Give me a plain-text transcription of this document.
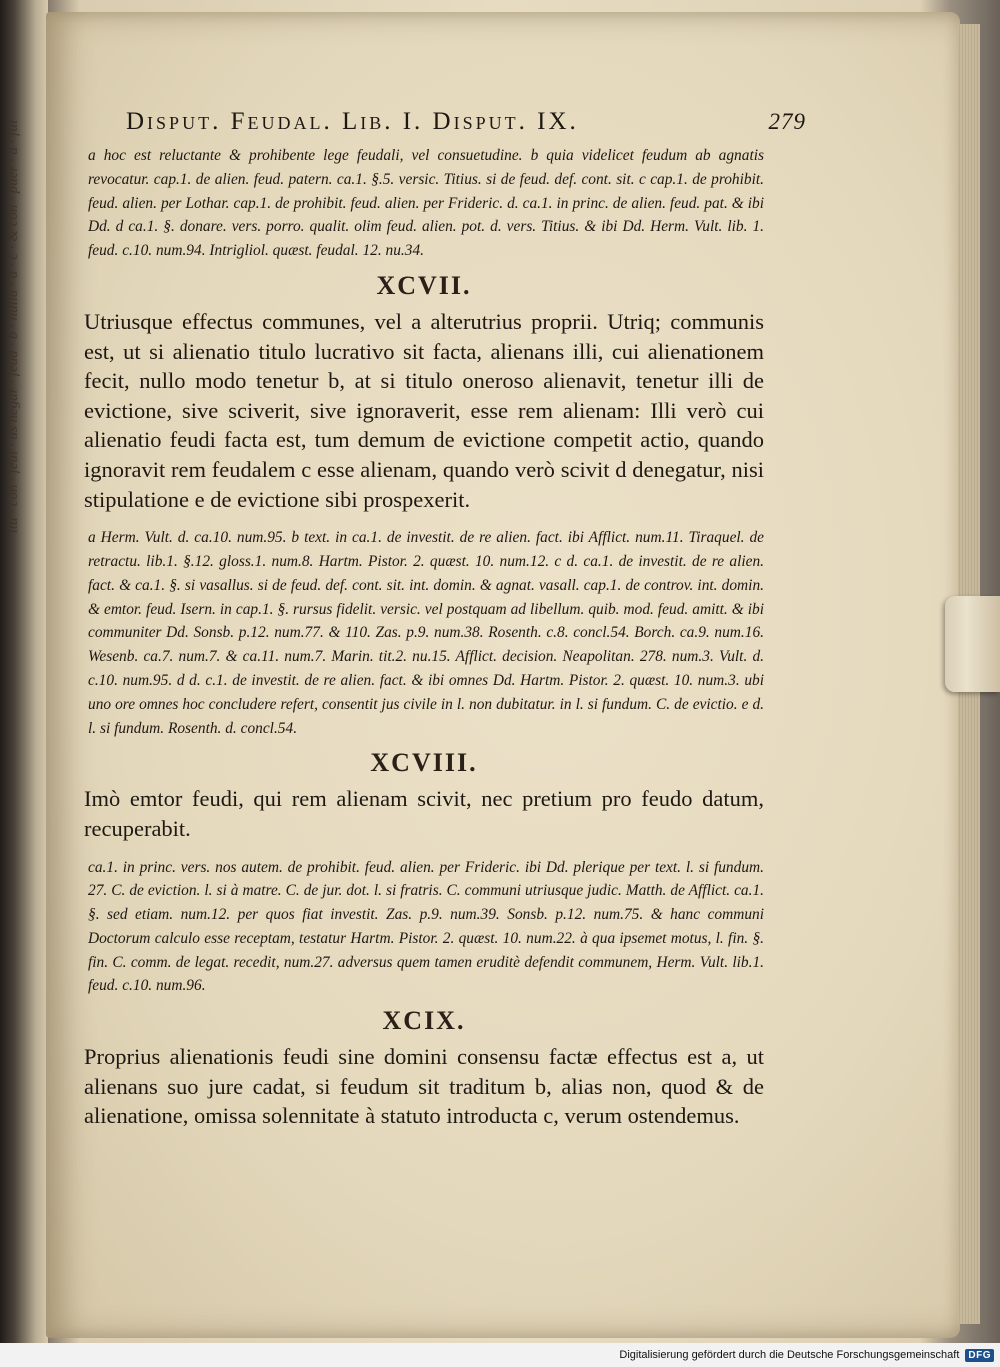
itu · con · feui · us negar · feud · b · nulla · d · c · & con · puer · d · fui	Disput. Feudal. Lib. I. Disput. IX.	279

a hoc est reluctante & prohibente lege feudali, vel consuetudine. b quia videlicet feudum ab agnatis revocatur. cap.1. de alien. feud. patern. ca.1. §.5. versic. Titius. si de feud. def. cont. sit. c cap.1. de prohibit. feud. alien. per Lothar. cap.1. de prohibit. feud. alien. per Frideric. d. ca.1. in princ. de alien. feud. pat. & ibi Dd. d ca.1. §. donare. vers. porro. qualit. olim feud. alien. pot. d. vers. Titius. & ibi Dd. Herm. Vult. lib. 1. feud. c.10. num.94. Intrigliol. quæst. feudal. 12. nu.34.

XCVII.

Utriusque effectus communes, vel a alterutrius proprii. Utriq; communis est, ut si alienatio titulo lucrativo sit facta, alienans illi, cui alienationem fecit, nullo modo tenetur b, at si titulo oneroso alienavit, tenetur illi de evictione, sive sciverit, sive ignoraverit, esse rem alienam: Illi verò cui alienatio feudi facta est, tum demum de evictione competit actio, quando ignoravit rem feudalem c esse alienam, quando verò scivit d denegatur, nisi stipulatione e de evictione sibi prospexerit.

a Herm. Vult. d. ca.10. num.95. b text. in ca.1. de investit. de re alien. fact. ibi Afflict. num.11. Tiraquel. de retractu. lib.1. §.12. gloss.1. num.8. Hartm. Pistor. 2. quæst. 10. num.12. c d. ca.1. de investit. de re alien. fact. & ca.1. §. si vasallus. si de feud. def. cont. sit. int. domin. & agnat. vasall. cap.1. de controv. int. domin. & emtor. feud. Isern. in cap.1. §. rursus fidelit. versic. vel postquam ad libellum. quib. mod. feud. amitt. & ibi communiter Dd. Sonsb. p.12. num.77. & 110. Zas. p.9. num.38. Rosenth. c.8. concl.54. Borch. ca.9. num.16. Wesenb. ca.7. num.7. & ca.11. num.7. Marin. tit.2. nu.15. Afflict. decision. Neapolitan. 278. num.3. Vult. d. c.10. num.95. d d. c.1. de investit. de re alien. fact. & ibi omnes Dd. Hartm. Pistor. 2. quæst. 10. num.3. ubi uno ore omnes hoc concludere refert, consentit jus civile in l. non dubitatur. in l. si fundum. C. de evictio. e d. l. si fundum. Rosenth. d. concl.54.

XCVIII.

Imò emtor feudi, qui rem alienam scivit, nec pretium pro feudo datum, recuperabit.

ca.1. in princ. vers. nos autem. de prohibit. feud. alien. per Frideric. ibi Dd. plerique per text. l. si fundum. 27. C. de eviction. l. si à matre. C. de jur. dot. l. si fratris. C. communi utriusque judic. Matth. de Afflict. ca.1. §. sed etiam. num.12. per quos fiat investit. Zas. p.9. num.39. Sonsb. p.12. num.75. & hanc communi Doctorum calculo esse receptam, testatur Hartm. Pistor. 2. quæst. 10. num.22. à qua ipsemet motus, l. fin. §. fin. C. comm. de legat. recedit, num.27. adversus quem tamen eruditè defendit communem, Herm. Vult. lib.1. feud. c.10. num.96.

XCIX.

Proprius alienationis feudi sine domini consensu factæ effectus est a, ut alienans suo jure cadat, si feudum sit traditum b, alias non, quod & de alienatione, omissa solennitate à statuto introducta c, verum ostendemus.

Digitalisierung gefördert durch die Deutsche Forschungsgemeinschaft DFG
